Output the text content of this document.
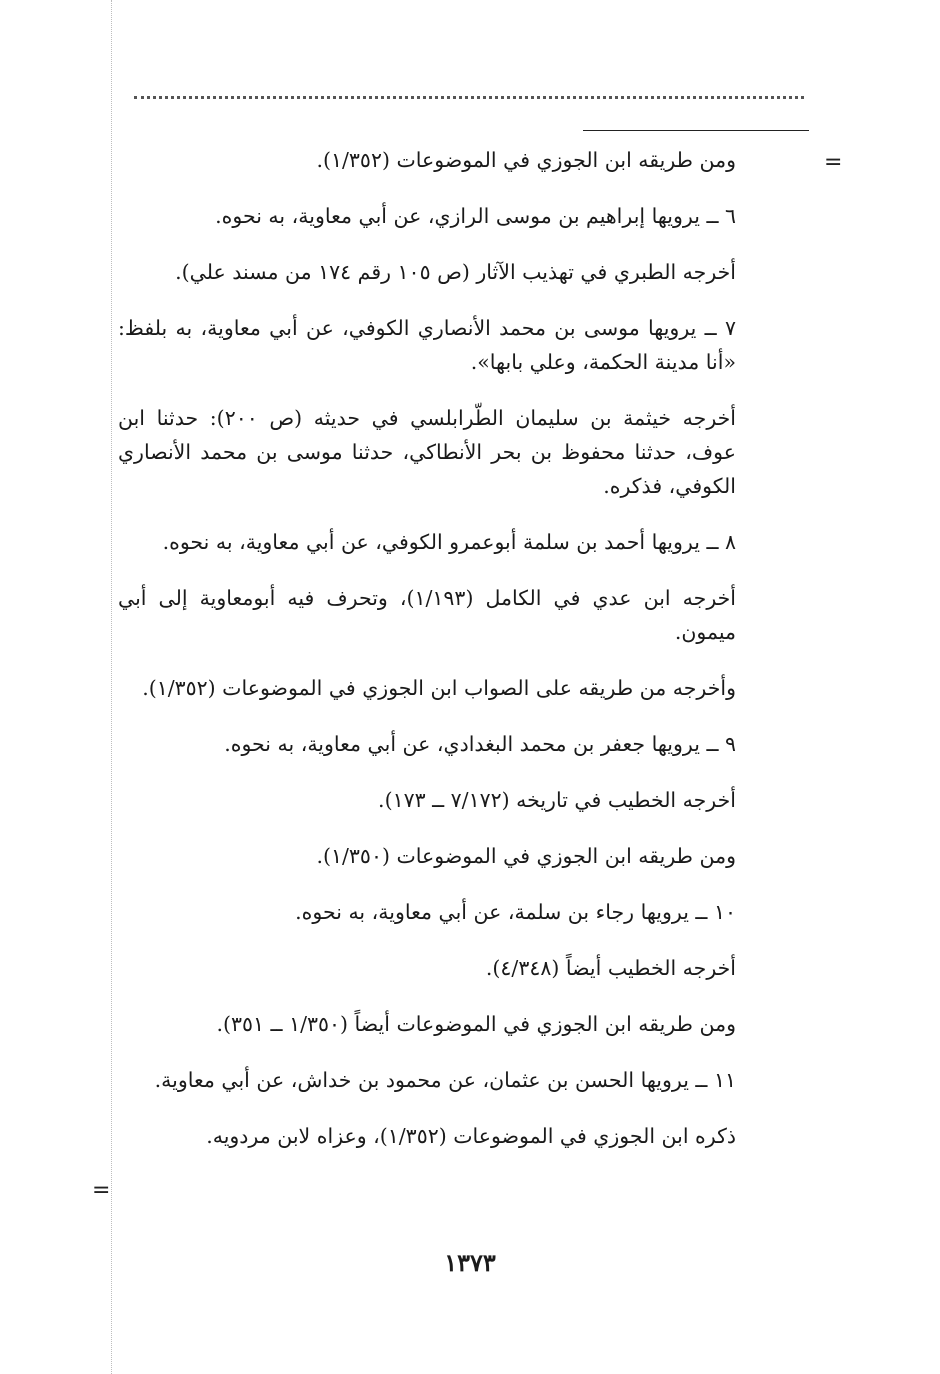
=
=

ومن طريقه ابن الجوزي في الموضوعات (١/٣٥٢).

٦ ــ يرويها إبراهيم بن موسى الرازي، عن أبي معاوية، به نحوه.

أخرجه الطبري في تهذيب الآثار (ص ١٠٥ رقم ١٧٤ من مسند علي).

٧ ــ يرويها موسى بن محمد الأنصاري الكوفي، عن أبي معاوية، به بلفظ: «أنا مدينة الحكمة، وعلي بابها».

أخرجه خيثمة بن سليمان الطّرابلسي في حديثه (ص ٢٠٠): حدثنا ابن عوف، حدثنا محفوظ بن بحر الأنطاكي، حدثنا موسى بن محمد الأنصاري الكوفي، فذكره.

٨ ــ يرويها أحمد بن سلمة أبوعمرو الكوفي، عن أبي معاوية، به نحوه.

أخرجه ابن عدي في الكامل (١/١٩٣)، وتحرف فيه أبومعاوية إلى أبي ميمون.

وأخرجه من طريقه على الصواب ابن الجوزي في الموضوعات (١/٣٥٢).

٩ ــ يرويها جعفر بن محمد البغدادي، عن أبي معاوية، به نحوه.

أخرجه الخطيب في تاريخه (٧/١٧٢ ــ ١٧٣).

ومن طريقه ابن الجوزي في الموضوعات (١/٣٥٠).

١٠ ــ يرويها رجاء بن سلمة، عن أبي معاوية، به نحوه.

أخرجه الخطيب أيضاً (٤/٣٤٨).

ومن طريقه ابن الجوزي في الموضوعات أيضاً (١/٣٥٠ ــ ٣٥١).

١١ ــ يرويها الحسن بن عثمان، عن محمود بن خداش، عن أبي معاوية.

ذكره ابن الجوزي في الموضوعات (١/٣٥٢)، وعزاه لابن مردويه.

١٣٧٣
